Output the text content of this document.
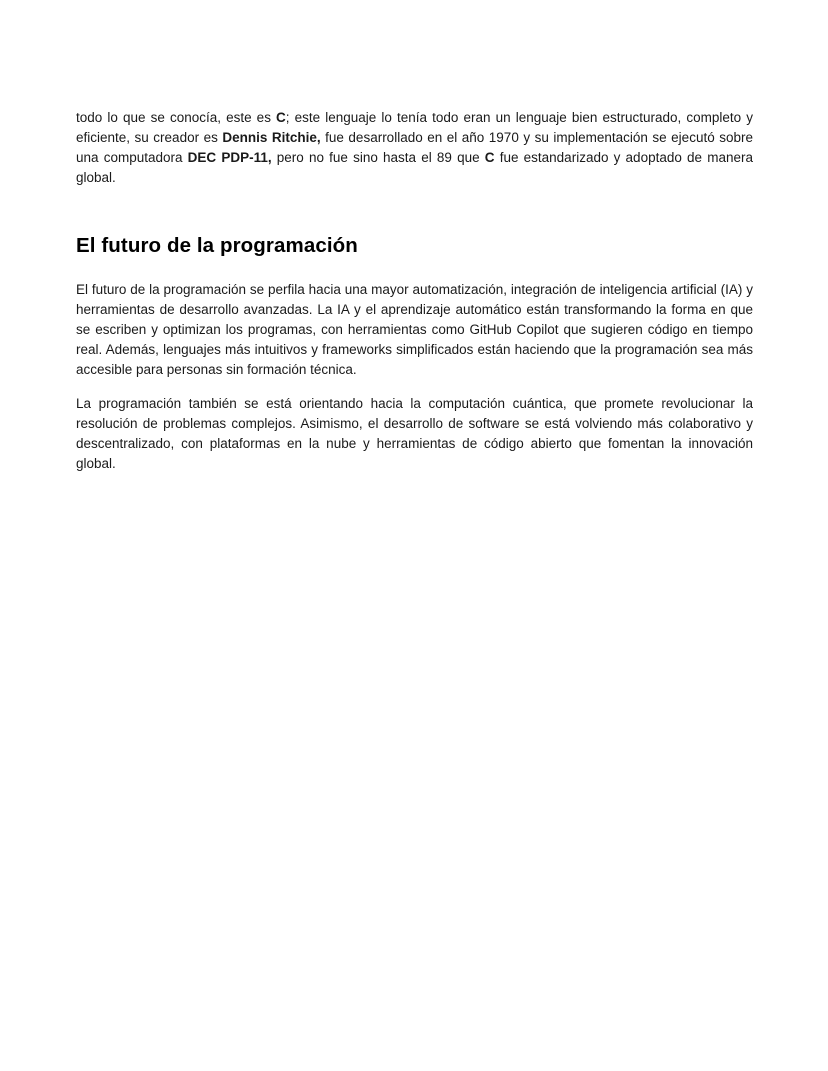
todo lo que se conocía, este es C; este lenguaje lo tenía todo eran un lenguaje bien estructurado, completo y eficiente, su creador es Dennis Ritchie, fue desarrollado en el año 1970 y su implementación se ejecutó sobre una computadora DEC PDP-11, pero no fue sino hasta el 89 que C fue estandarizado y adoptado de manera global.

El futuro de la programación

El futuro de la programación se perfila hacia una mayor automatización, integración de inteligencia artificial (IA) y herramientas de desarrollo avanzadas. La IA y el aprendizaje automático están transformando la forma en que se escriben y optimizan los programas, con herramientas como GitHub Copilot que sugieren código en tiempo real. Además, lenguajes más intuitivos y frameworks simplificados están haciendo que la programación sea más accesible para personas sin formación técnica.

La programación también se está orientando hacia la computación cuántica, que promete revolucionar la resolución de problemas complejos. Asimismo, el desarrollo de software se está volviendo más colaborativo y descentralizado, con plataformas en la nube y herramientas de código abierto que fomentan la innovación global.
